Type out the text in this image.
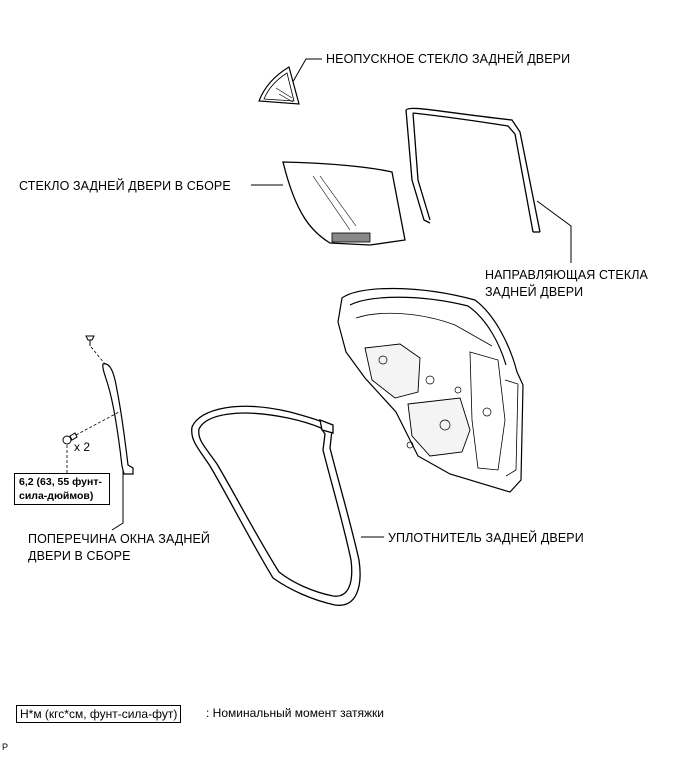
НЕОПУСКНОЕ СТЕКЛО ЗАДНЕЙ ДВЕРИ
СТЕКЛО ЗАДНЕЙ ДВЕРИ В СБОРЕ
НАПРАВЛЯЮЩАЯ СТЕКЛА
ЗАДНЕЙ ДВЕРИ
ПОПЕРЕЧИНА ОКНА ЗАДНЕЙ
ДВЕРИ В СБОРЕ
УПЛОТНИТЕЛЬ ЗАДНЕЙ ДВЕРИ
x 2
6,2 (63, 55 фунт-
сила-дюймов)
Н*м (кгс*см, фунт-сила-фут)	: Номинальный момент затяжки
P
